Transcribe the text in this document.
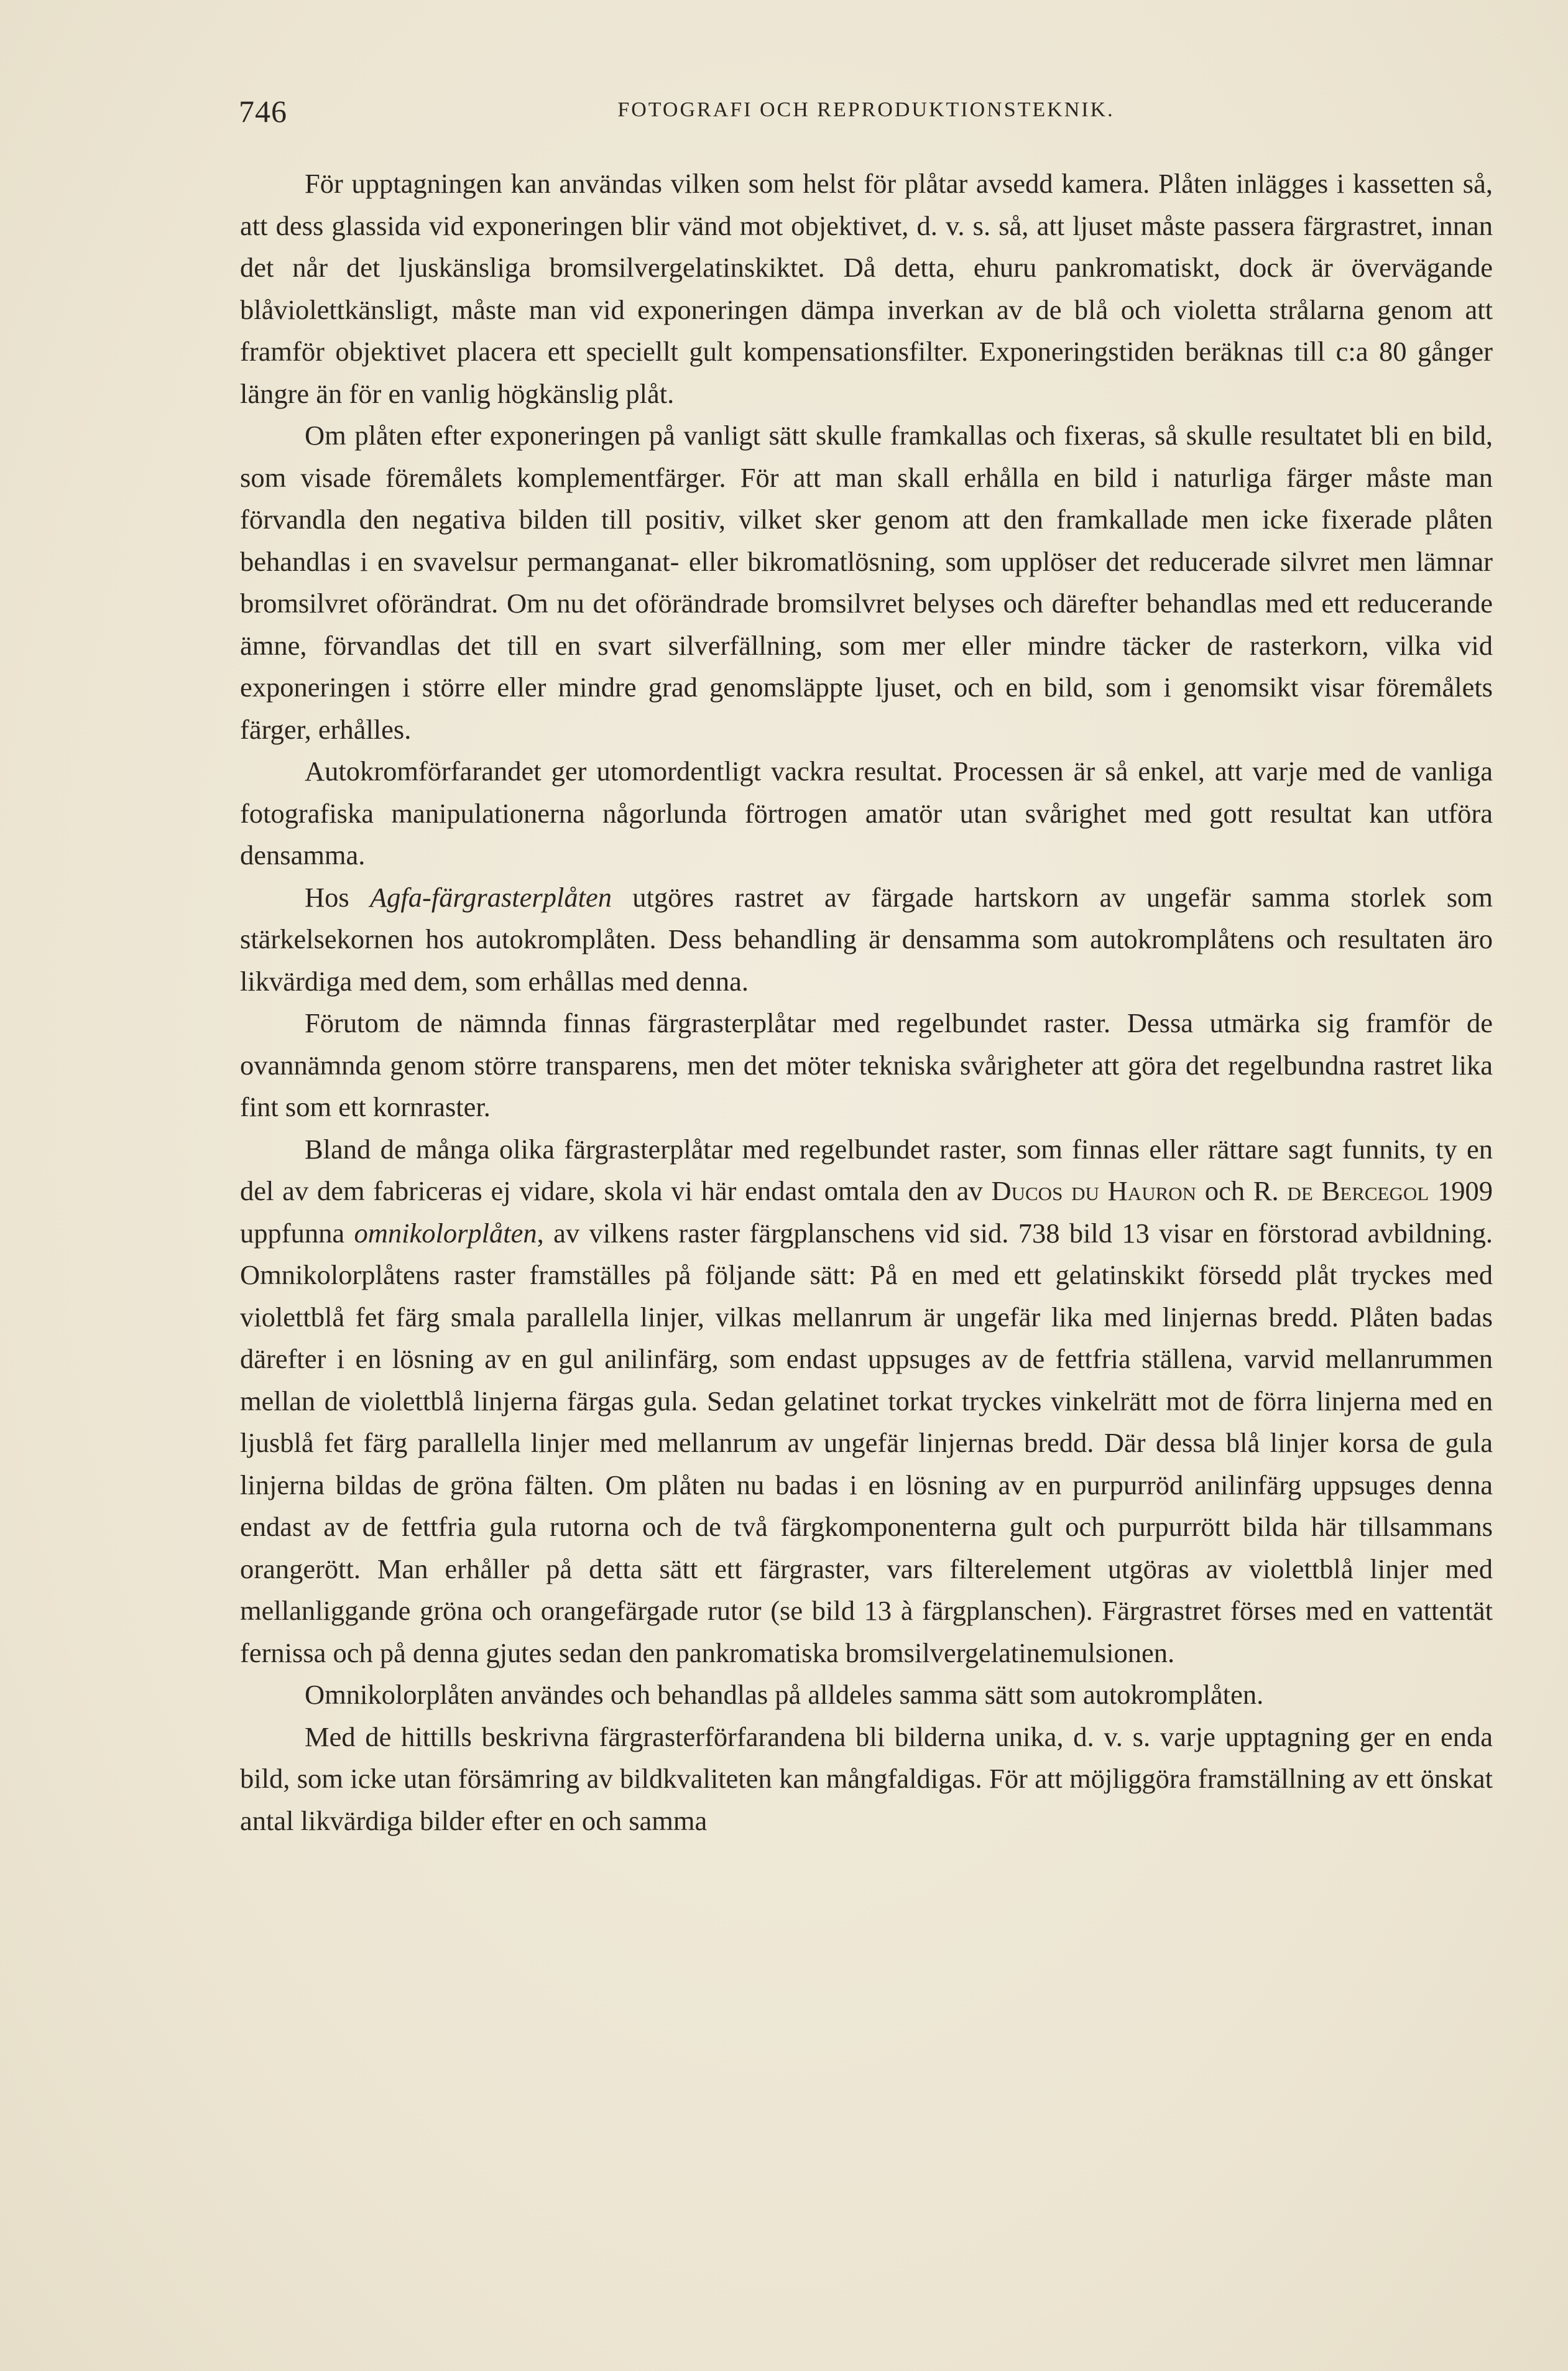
746	FOTOGRAFI OCH REPRODUKTIONSTEKNIK.

För upptagningen kan användas vilken som helst för plåtar avsedd kamera. Plåten inlägges i kassetten så, att dess glassida vid exponeringen blir vänd mot objektivet, d. v. s. så, att ljuset måste passera färgrastret, innan det når det ljuskänsliga bromsilvergelatinskiktet. Då detta, ehuru pankromatiskt, dock är övervägande blåviolettkänsligt, måste man vid exponeringen dämpa inverkan av de blå och violetta strålarna genom att framför objektivet placera ett speciellt gult kompensationsfilter. Exponeringstiden beräknas till c:a 80 gånger längre än för en vanlig högkänslig plåt.

Om plåten efter exponeringen på vanligt sätt skulle framkallas och fixeras, så skulle resultatet bli en bild, som visade föremålets komplementfärger. För att man skall erhålla en bild i naturliga färger måste man förvandla den negativa bilden till positiv, vilket sker genom att den framkallade men icke fixerade plåten behandlas i en svavelsur permanganat- eller bikromatlösning, som upplöser det reducerade silvret men lämnar bromsilvret oförändrat. Om nu det oförändrade bromsilvret belyses och därefter behandlas med ett reducerande ämne, förvandlas det till en svart silverfällning, som mer eller mindre täcker de rasterkorn, vilka vid exponeringen i större eller mindre grad genomsläppte ljuset, och en bild, som i genomsikt visar föremålets färger, erhålles.

Autokromförfarandet ger utomordentligt vackra resultat. Processen är så enkel, att varje med de vanliga fotografiska manipulationerna någorlunda förtrogen amatör utan svårighet med gott resultat kan utföra densamma.

Hos Agfa-färgrasterplåten utgöres rastret av färgade hartskorn av ungefär samma storlek som stärkelsekornen hos autokromplåten. Dess behandling är densamma som autokromplåtens och resultaten äro likvärdiga med dem, som erhållas med denna.

Förutom de nämnda finnas färgrasterplåtar med regelbundet raster. Dessa utmärka sig framför de ovannämnda genom större transparens, men det möter tekniska svårigheter att göra det regelbundna rastret lika fint som ett kornraster.

Bland de många olika färgrasterplåtar med regelbundet raster, som finnas eller rättare sagt funnits, ty en del av dem fabriceras ej vidare, skola vi här endast omtala den av Ducos du Hauron och R. de Bercegol 1909 uppfunna omnikolorplåten, av vilkens raster färgplanschens vid sid. 738 bild 13 visar en förstorad avbildning. Omnikolorplåtens raster framställes på följande sätt: På en med ett gelatinskikt försedd plåt tryckes med violettblå fet färg smala parallella linjer, vilkas mellanrum är ungefär lika med linjernas bredd. Plåten badas därefter i en lösning av en gul anilinfärg, som endast uppsuges av de fettfria ställena, varvid mellanrummen mellan de violettblå linjerna färgas gula. Sedan gelatinet torkat tryckes vinkelrätt mot de förra linjerna med en ljusblå fet färg parallella linjer med mellanrum av ungefär linjernas bredd. Där dessa blå linjer korsa de gula linjerna bildas de gröna fälten. Om plåten nu badas i en lösning av en purpurröd anilinfärg uppsuges denna endast av de fettfria gula rutorna och de två färgkomponenterna gult och purpurrött bilda här tillsammans orangerött. Man erhåller på detta sätt ett färgraster, vars filterelement utgöras av violettblå linjer med mellanliggande gröna och orangefärgade rutor (se bild 13 à färgplanschen). Färgrastret förses med en vattentät fernissa och på denna gjutes sedan den pankromatiska bromsilvergelatinemulsionen.

Omnikolorplåten användes och behandlas på alldeles samma sätt som autokromplåten.

Med de hittills beskrivna färgrasterförfarandena bli bilderna unika, d. v. s. varje upptagning ger en enda bild, som icke utan försämring av bildkvaliteten kan mångfaldigas. För att möjliggöra framställning av ett önskat antal likvärdiga bilder efter en och samma
